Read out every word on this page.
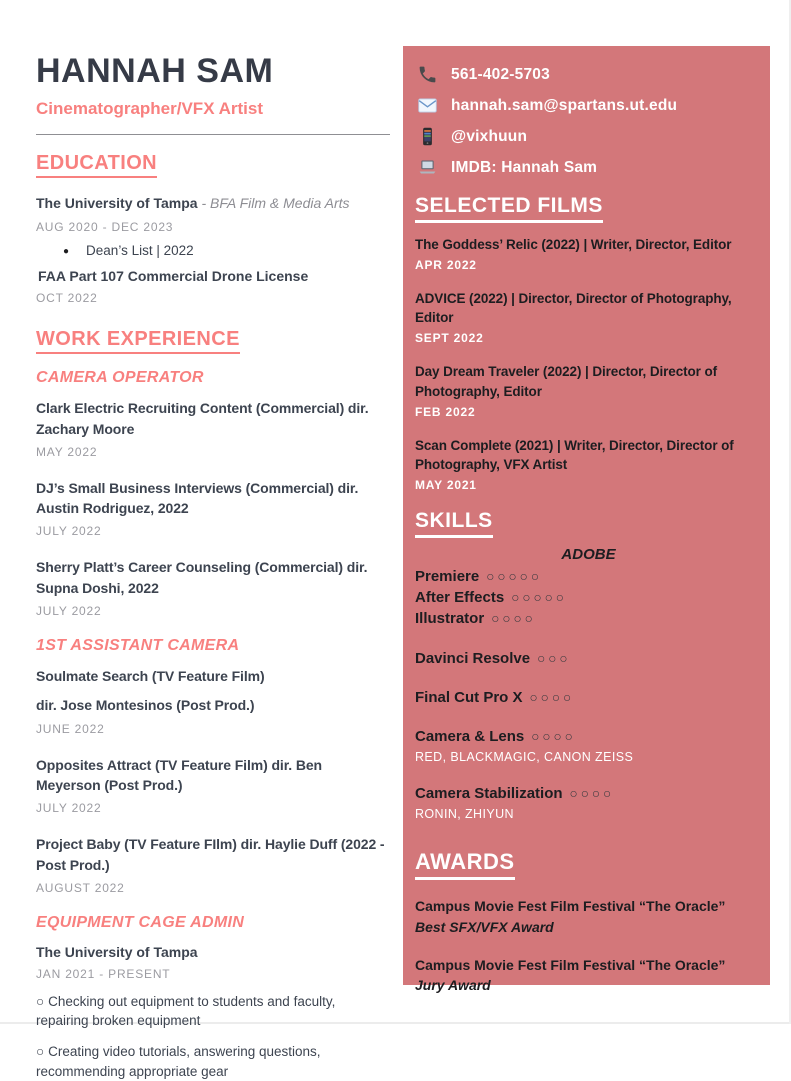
HANNAH SAM
Cinematographer/VFX Artist
EDUCATION
The University of Tampa - BFA Film & Media Arts
AUG 2020 - DEC 2023
● Dean’s List | 2022
FAA Part 107 Commercial Drone License
OCT 2022
WORK EXPERIENCE
CAMERA OPERATOR
Clark Electric Recruiting Content (Commercial) dir. Zachary Moore
MAY 2022
DJ’s Small Business Interviews (Commercial) dir. Austin Rodriguez, 2022
JULY 2022
Sherry Platt’s Career Counseling (Commercial) dir. Supna Doshi, 2022
JULY 2022
1ST ASSISTANT CAMERA
Soulmate Search (TV Feature Film)
dir. Jose Montesinos (Post Prod.)
JUNE 2022
Opposites Attract (TV Feature Film) dir. Ben Meyerson (Post Prod.)
JULY 2022
Project Baby (TV Feature FIlm) dir. Haylie Duff (2022 - Post Prod.)
AUGUST 2022
EQUIPMENT CAGE ADMIN
The University of Tampa
JAN 2021 - PRESENT
○ Checking out equipment to students and faculty, repairing broken equipment
○ Creating video tutorials, answering questions, recommending appropriate gear
561-402-5703
hannah.sam@spartans.ut.edu
@vixhuun
IMDB: Hannah Sam
SELECTED FILMS
The Goddess’ Relic (2022) | Writer, Director, Editor
APR 2022
ADVICE (2022) | Director, Director of Photography, Editor
SEPT 2022
Day Dream Traveler (2022) | Director, Director of Photography, Editor
FEB 2022
Scan Complete (2021) | Writer, Director, Director of Photography, VFX Artist
MAY 2021
SKILLS
ADOBE
Premiere ○○○○○
After Effects ○○○○○
Illustrator ○○○○
Davinci Resolve ○○○
Final Cut Pro X ○○○○
Camera & Lens ○○○○
RED, BLACKMAGIC, CANON ZEISS
Camera Stabilization ○○○○
RONIN, ZHIYUN
AWARDS
Campus Movie Fest Film Festival “The Oracle”
Best SFX/VFX Award
Campus Movie Fest Film Festival “The Oracle”
Jury Award
